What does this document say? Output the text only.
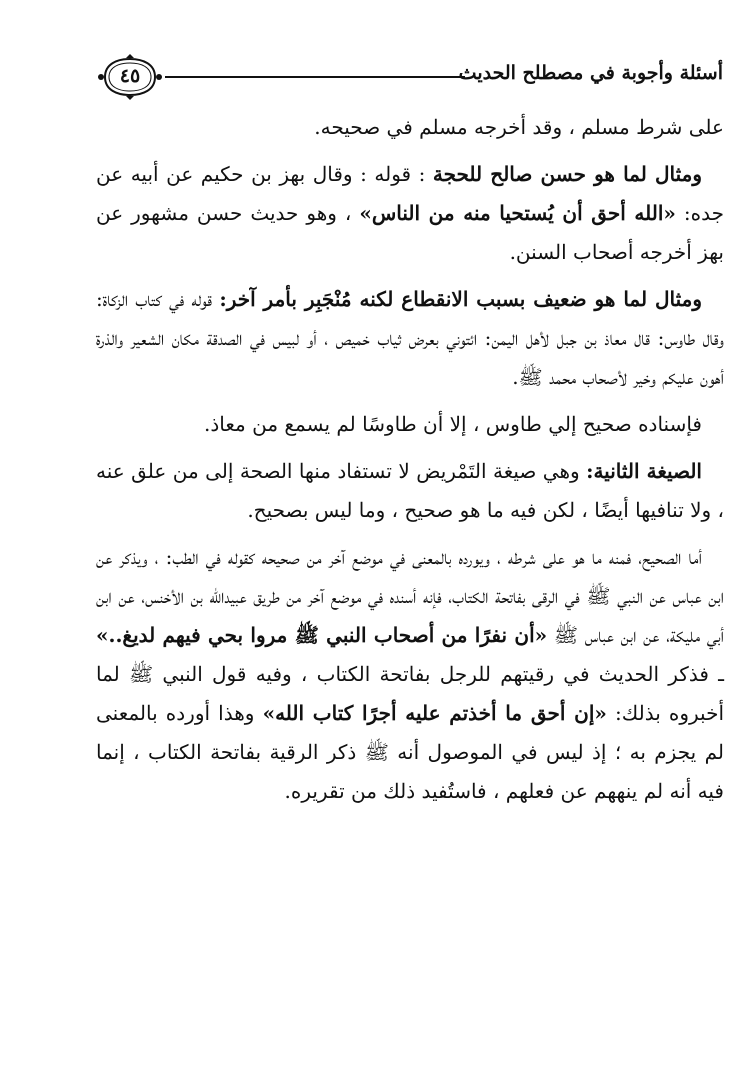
٤٥	أسئلة وأجوبة في مصطلح الحديث

على شرط مسلم ، وقد أخرجه مسلم في صحيحه.

ومثال لما هو حسن صالح للحجة : قوله : وقال بهز بن حكيم عن أبيه عن جده: «الله أحق أن يُستحيا منه من الناس» ، وهو حديث حسن مشهور عن بهز أخرجه أصحاب السنن.

ومثال لما هو ضعيف بسبب الانقطاع لكنه مُنْجَبِر بأمر آخر: قوله في كتاب الزكاة: وقال طاوس: قال معاذ بن جبل لأهل اليمن: ائتوني بعرض ثياب خميص ، أو لبيس في الصدقة مكان الشعير والذرة أهون عليكم وخير لأصحاب محمد ﷺ.

فإسناده صحيح إلي طاوس ، إلا أن طاوسًا لم يسمع من معاذ.

الصيغة الثانية: وهي صيغة التَمْريض لا تستفاد منها الصحة إلى من علق عنه ، ولا تنافيها أيضًا ، لكن فيه ما هو صحيح ، وما ليس بصحيح.

أما الصحيح، فمنه ما هو على شرطه ، ويورده بالمعنى في موضع آخر من صحيحه كقوله في الطب: ، ويذكر عن ابن عباس عن النبي ﷺ في الرقى بفاتحة الكتاب، فإنه أسنده في موضع آخر من طريق عبيدالله بن الأخنس، عن ابن أبي مليكة، عن ابن عباس ﷺ «أن نفرًا من أصحاب النبي ﷺ مروا بحي فيهم لديغ..» ـ فذكر الحديث في رقيتهم للرجل بفاتحة الكتاب ، وفيه قول النبي ﷺ لما أخبروه بذلك: «إن أحق ما أخذتم عليه أجرًا كتاب الله» وهذا أورده بالمعنى لم يجزم به ؛ إذ ليس في الموصول أنه ﷺ ذكر الرقية بفاتحة الكتاب ، إنما فيه أنه لم ينههم عن فعلهم ، فاستُفيد ذلك من تقريره.
